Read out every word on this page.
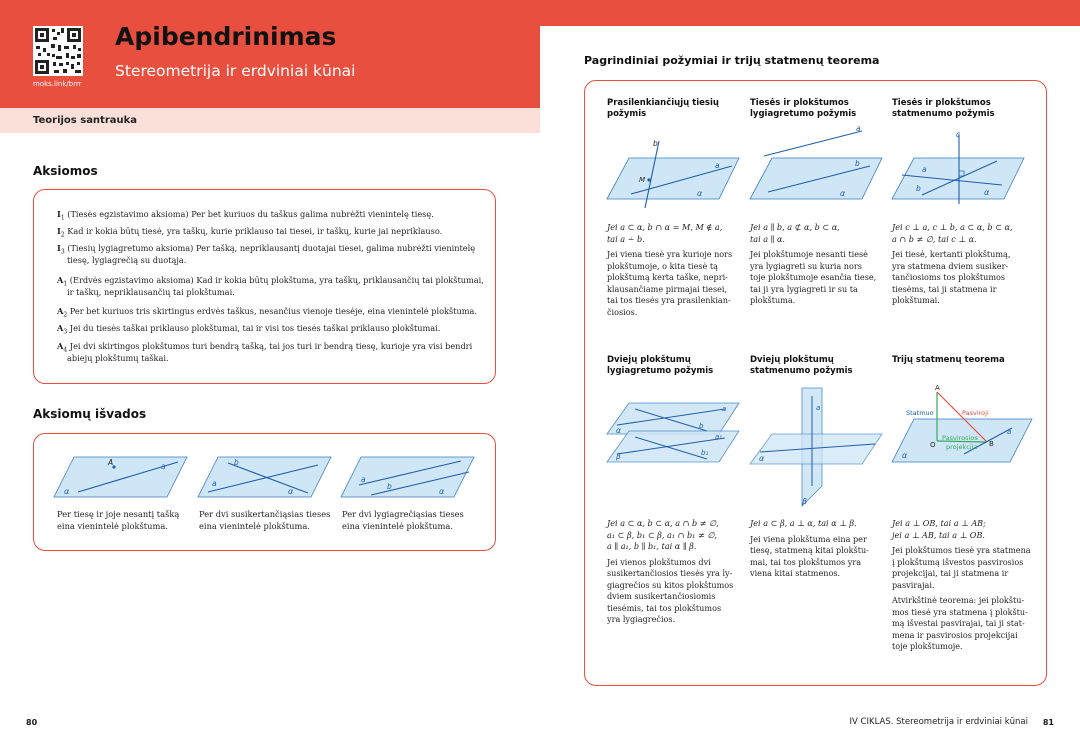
moks.link/brrr
Apibendrinimas
Stereometrija ir erdviniai kūnai
Teorijos santrauka
Aksiomos
$I_1$ (Tiesės egzistavimo aksioma) Per bet kuriuos du taškus galima nubrėžti vienintelę tiesę.
$I_2$ Kad ir kokia būtų tiesė, yra taškų, kurie priklauso tai tiesei, ir taškų, kurie jai nepriklauso.
$I_3$ (Tiesių lygiagretumo aksioma) Per tašką, nepriklausantį duotajai tiesei, galima nubrėžti vienintelę
tiesę, lygiagrečią su duotąja.
$A_1$ (Erdvės egzistavimo aksioma) Kad ir kokia būtų plokštuma, yra taškų, priklausančių tai plokštumai,
ir taškų, nepriklausančių tai plokštumai.
$A_2$ Per bet kuriuos tris skirtingus erdvės taškus, nesančius vienoje tiesėje, eina vienintelė plokštuma.
$A_3$ Jei du tiesės taškai priklauso plokštumai, tai ir visi tos tiesės taškai priklauso plokštumai.
$A_4$ Jei dvi skirtingos plokštumos turi bendrą tašką, tai jos turi ir bendrą tiesę, kurioje yra visi bendri
abiejų plokštumų taškai.
Aksiomų išvados
A	a
α
b
a
α
a
b
α
Per tiesę ir joje nesantį tašką
eina vienintelė plokštuma.
Per dvi susikertančiąsias tieses
eina vienintelė plokštuma.
Per dvi lygiagrečiąsias tieses
eina vienintelė plokštuma.
Pagrindiniai požymiai ir trijų statmenų teorema
Prasilenkiančiųjų tiesių
požymis
Tiesės ir plokštumos
lygiagretumo požymis
Tiesės ir plokštumos
statmenumo požymis
b
M
a
α
a
b
α
c
a
b	α

Jei a ⊂ α, b ∩ α = M, M ∉ a,
tai a ∸ b.

Jei viena tiesė yra kurioje nors
plokštumoje, o kita tiesė tą
plokštumą kerta taške, nepri-
klausančiame pirmajai tiesei,
tai tos tiesės yra prasilenkian-
čiosios.

Jei a ∥ b, a ⊄ α, b ⊂ α,
tai a ∥ α.

Jei plokštumoje nesanti tiesė
yra lygiagreti su kuria nors
toje plokštumoje esančia tiese,
tai ji yra lygiagreti ir su ta
plokštuma.

Jei c ⊥ a, c ⊥ b, a ⊂ α, b ⊂ α,
a ∩ b ≠ ∅, tai c ⊥ α.

Jei tiesė, kertanti plokštumą,
yra statmena dviem susiker-
tančiosioms tos plokštumos
tiesėms, tai ji statmena ir
plokštumai.

Dviejų plokštumų
lygiagretumo požymis
Dviejų plokštumų
statmenumo požymis
Trijų statmenų teorema
a
b
α
a₁
b₁
β
a
α
β
A
Statmuo	Pasviroji
Pasvirosios
projekcija
O	B
a
α

Jei a ⊂ α, b ⊂ α, a ∩ b ≠ ∅,
a₁ ⊂ β, b₁ ⊂ β, a₁ ∩ b₁ ≠ ∅,
a ∥ a₁, b ∥ b₁, tai α ∥ β.

Jei vienos plokštumos dvi
susikertančiosios tiesės yra ly-
giagrečios su kitos plokštumos
dviem susikertančiosiomis
tiesėmis, tai tos plokštumos
yra lygiagrečios.

Jei a ⊂ β, a ⊥ α, tai α ⊥ β.

Jei viena plokštuma eina per
tiesę, statmeną kitai plokštu-
mai, tai tos plokštumos yra
viena kitai statmenos.

Jei a ⊥ OB, tai a ⊥ AB;
jei a ⊥ AB, tai a ⊥ OB.

Jei plokštumos tiesė yra statmena
į plokštumą išvestos pasvirosios
projekcijai, tai ji statmena ir
pasvirajai.

Atvirkštinė teorema: jei plokštu-
mos tiesė yra statmena į plokštu-
mą išvestai pasvirajai, tai ji stat-
mena ir pasvirosios projekcijai
toje plokštumoje.

80	IV CIKLAS. Stereometrija ir erdviniai kūnai 81
